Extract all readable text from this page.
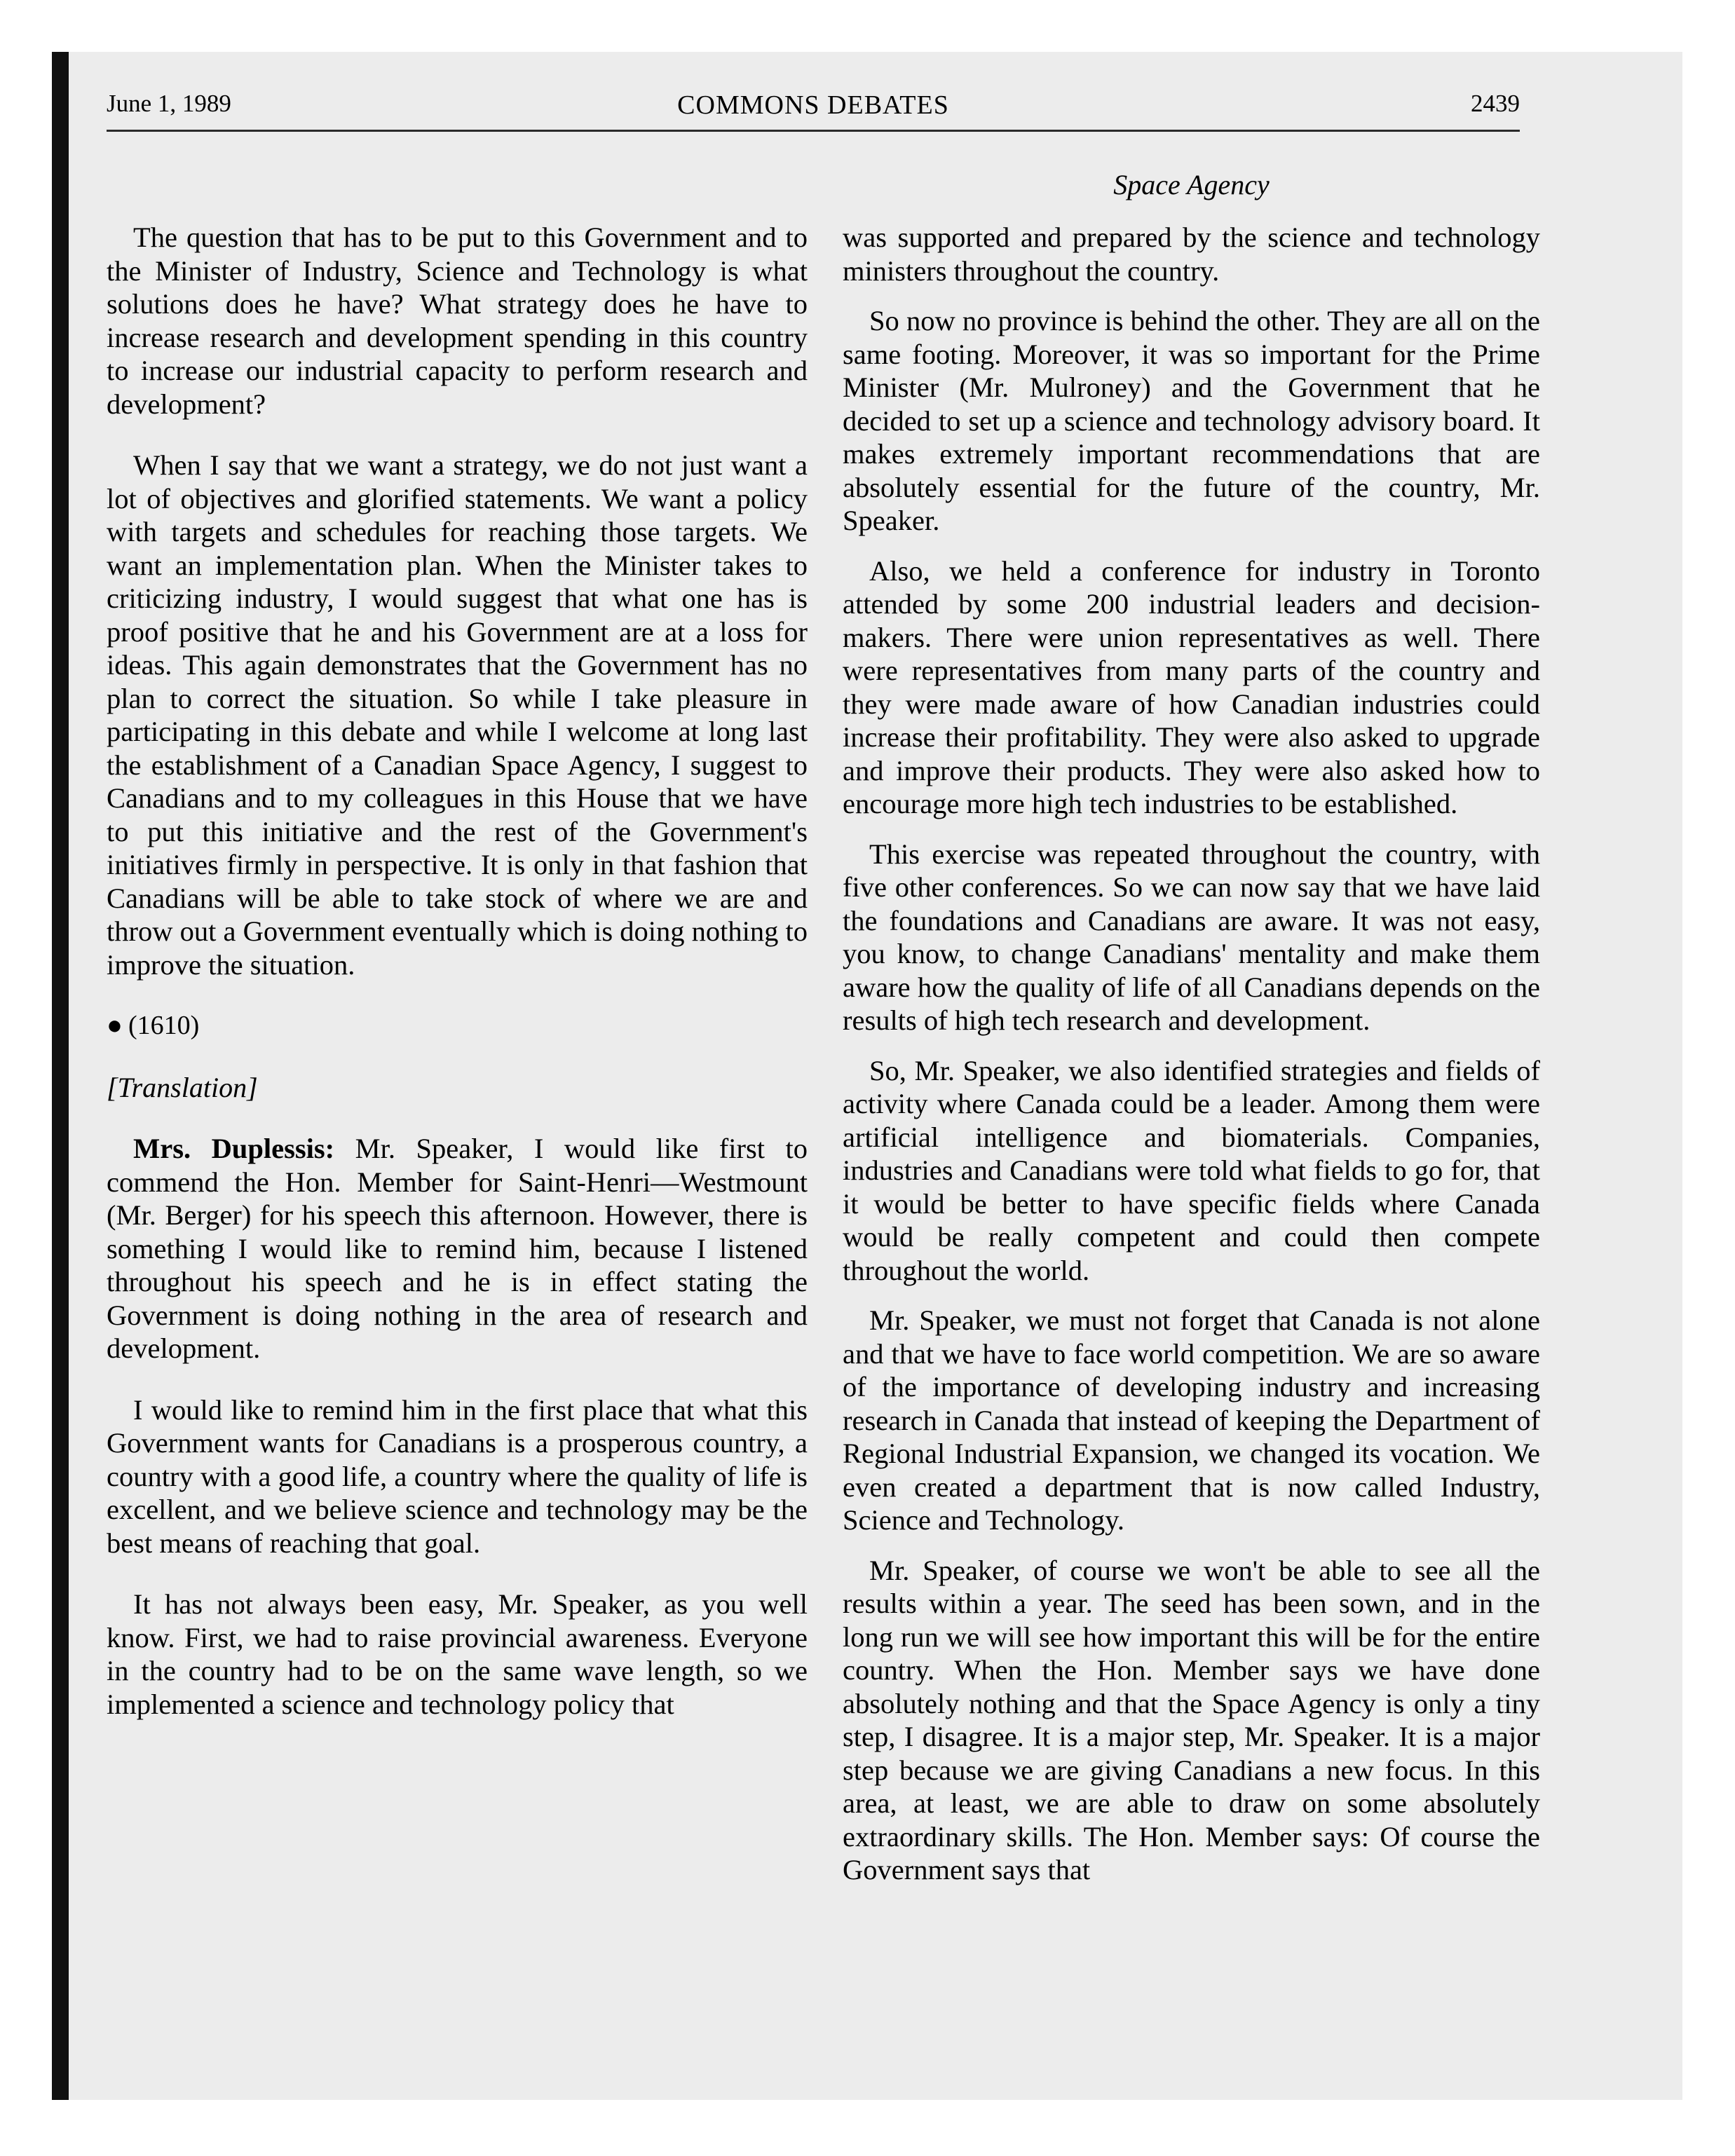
June 1, 1989	COMMONS DEBATES	2439
Space Agency

The question that has to be put to this Government and to the Minister of Industry, Science and Technology is what solutions does he have? What strategy does he have to increase research and development spending in this country to increase our industrial capacity to perform research and development?

When I say that we want a strategy, we do not just want a lot of objectives and glorified statements. We want a policy with targets and schedules for reaching those targets. We want an implementation plan. When the Minister takes to criticizing industry, I would suggest that what one has is proof positive that he and his Government are at a loss for ideas. This again demonstrates that the Government has no plan to correct the situation. So while I take pleasure in participating in this debate and while I welcome at long last the establishment of a Canadian Space Agency, I suggest to Canadians and to my colleagues in this House that we have to put this initiative and the rest of the Government's initiatives firmly in perspective. It is only in that fashion that Canadians will be able to take stock of where we are and throw out a Government eventually which is doing nothing to improve the situation.

● (1610)

[Translation]

Mrs. Duplessis: Mr. Speaker, I would like first to commend the Hon. Member for Saint-Henri—Westmount (Mr. Berger) for his speech this afternoon. However, there is something I would like to remind him, because I listened throughout his speech and he is in effect stating the Government is doing nothing in the area of research and development.

I would like to remind him in the first place that what this Government wants for Canadians is a prosperous country, a country with a good life, a country where the quality of life is excellent, and we believe science and technology may be the best means of reaching that goal.

It has not always been easy, Mr. Speaker, as you well know. First, we had to raise provincial awareness. Everyone in the country had to be on the same wave length, so we implemented a science and technology policy that

was supported and prepared by the science and technology ministers throughout the country.

So now no province is behind the other. They are all on the same footing. Moreover, it was so important for the Prime Minister (Mr. Mulroney) and the Government that he decided to set up a science and technology advisory board. It makes extremely important recommendations that are absolutely essential for the future of the country, Mr. Speaker.

Also, we held a conference for industry in Toronto attended by some 200 industrial leaders and decision-makers. There were union representatives as well. There were representatives from many parts of the country and they were made aware of how Canadian industries could increase their profitability. They were also asked to upgrade and improve their products. They were also asked how to encourage more high tech industries to be established.

This exercise was repeated throughout the country, with five other conferences. So we can now say that we have laid the foundations and Canadians are aware. It was not easy, you know, to change Canadians' mentality and make them aware how the quality of life of all Canadians depends on the results of high tech research and development.

So, Mr. Speaker, we also identified strategies and fields of activity where Canada could be a leader. Among them were artificial intelligence and biomaterials. Companies, industries and Canadians were told what fields to go for, that it would be better to have specific fields where Canada would be really competent and could then compete throughout the world.

Mr. Speaker, we must not forget that Canada is not alone and that we have to face world competition. We are so aware of the importance of developing industry and increasing research in Canada that instead of keeping the Department of Regional Industrial Expansion, we changed its vocation. We even created a department that is now called Industry, Science and Technology.

Mr. Speaker, of course we won't be able to see all the results within a year. The seed has been sown, and in the long run we will see how important this will be for the entire country. When the Hon. Member says we have done absolutely nothing and that the Space Agency is only a tiny step, I disagree. It is a major step, Mr. Speaker. It is a major step because we are giving Canadians a new focus. In this area, at least, we are able to draw on some absolutely extraordinary skills. The Hon. Member says: Of course the Government says that
